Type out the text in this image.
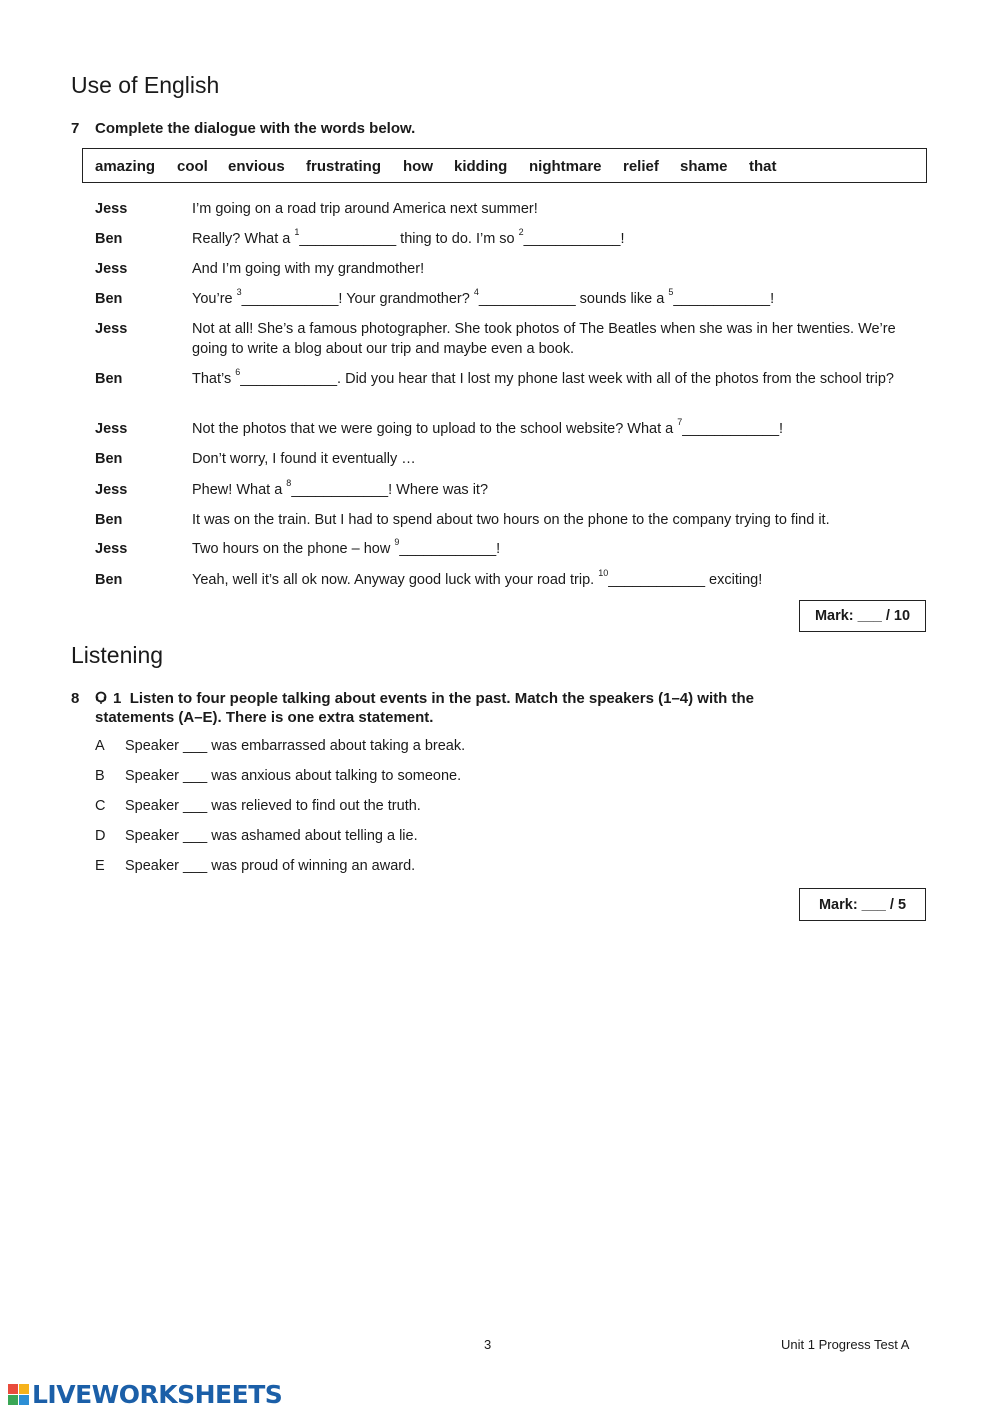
Use of English
7 Complete the dialogue with the words below.
amazing cool envious frustrating how kidding nightmare relief shame that
Jess	I’m going on a road trip around America next summer!
Ben	Really? What a $^1$____________ thing to do. I’m so $^2$____________!
Jess	And I’m going with my grandmother!
Ben	You’re $^3$____________! Your grandmother? $^4$____________ sounds like a $^5$____________!
Jess	Not at all! She’s a famous photographer. She took photos of The Beatles when she was in her twenties. We’re going to write a blog about our trip and maybe even a book.
Ben	That’s $^6$____________. Did you hear that I lost my phone last week with all of the photos from the school trip?
Jess	Not the photos that we were going to upload to the school website? What a $^7$____________!
Ben	Don’t worry, I found it eventually …
Jess	Phew! What a $^8$____________! Where was it?
Ben	It was on the train. But I had to spend about two hours on the phone to the company trying to find it.
Jess	Two hours on the phone – how $^9$____________!
Ben	Yeah, well it’s all ok now. Anyway good luck with your road trip. $^{10}$____________ exciting!
Mark: ___ / 10
Listening
8	1 Listen to four people talking about events in the past. Match the speakers (1–4) with the
statements (A–E). There is one extra statement.
A Speaker ___ was embarrassed about taking a break.
B Speaker ___ was anxious about talking to someone.
C Speaker ___ was relieved to find out the truth.
D Speaker ___ was ashamed about telling a lie.
E Speaker ___ was proud of winning an award.
Mark: ___ / 5
3	Unit 1 Progress Test A
LIVEWORKSHEETS
